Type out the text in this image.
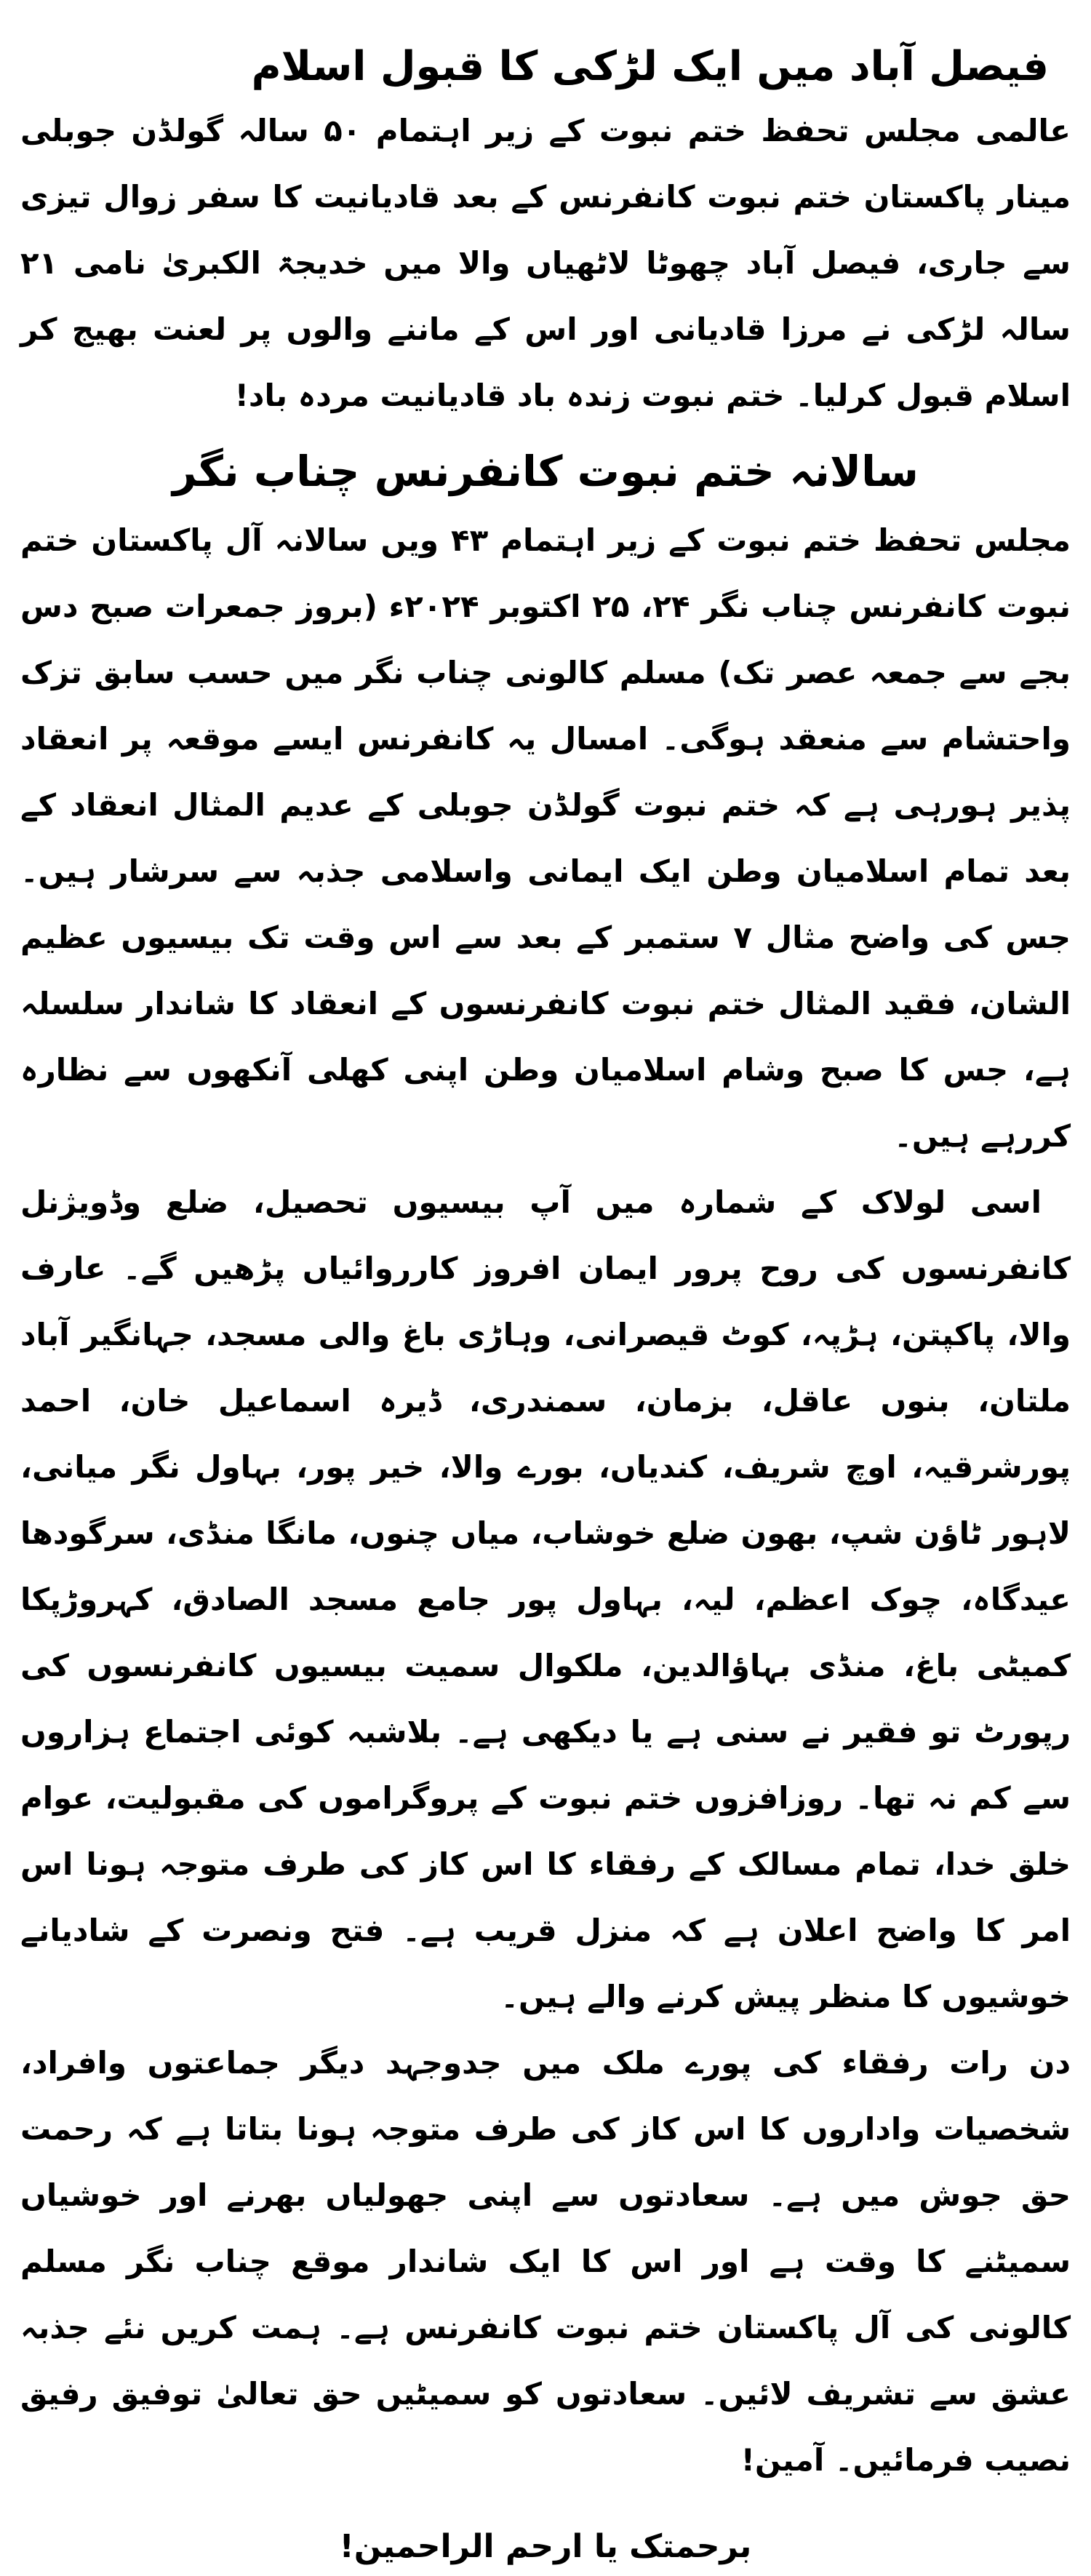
فیصل آباد میں ایک لڑکی کا قبول اسلام

عالمی مجلس تحفظ ختم نبوت کے زیر اہتمام ۵۰ سالہ گولڈن جوبلی مینار پاکستان ختم نبوت کانفرنس کے بعد قادیانیت کا سفر زوال تیزی سے جاری، فیصل آباد چھوٹا لاٹھیاں والا میں خدیجۃ الکبریٰ نامی ۲۱ سالہ لڑکی نے مرزا قادیانی اور اس کے ماننے والوں پر لعنت بھیج کر اسلام قبول کرلیا۔ ختم نبوت زندہ باد قادیانیت مردہ باد!

سالانہ ختم نبوت کانفرنس چناب نگر

مجلس تحفظ ختم نبوت کے زیر اہتمام ۴۳ ویں سالانہ آل پاکستان ختم نبوت کانفرنس چناب نگر ۲۴، ۲۵ اکتوبر ۲۰۲۴ء (بروز جمعرات صبح دس بجے سے جمعہ عصر تک) مسلم کالونی چناب نگر میں حسب سابق تزک واحتشام سے منعقد ہوگی۔ امسال یہ کانفرنس ایسے موقعہ پر انعقاد پذیر ہورہی ہے کہ ختم نبوت گولڈن جوبلی کے عدیم المثال انعقاد کے بعد تمام اسلامیان وطن ایک ایمانی واسلامی جذبہ سے سرشار ہیں۔ جس کی واضح مثال ۷ ستمبر کے بعد سے اس وقت تک بیسیوں عظیم الشان، فقید المثال ختم نبوت کانفرنسوں کے انعقاد کا شاندار سلسلہ ہے، جس کا صبح وشام اسلامیان وطن اپنی کھلی آنکھوں سے نظارہ کررہے ہیں۔

اسی لولاک کے شمارہ میں آپ بیسیوں تحصیل، ضلع وڈویژنل کانفرنسوں کی روح پرور ایمان افروز کارروائیاں پڑھیں گے۔ عارف والا، پاکپتن، ہڑپہ، کوٹ قیصرانی، وہاڑی باغ والی مسجد، جہانگیر آباد ملتان، بنوں عاقل، بزمان، سمندری، ڈیرہ اسماعیل خان، احمد پورشرقیہ، اوچ شریف، کندیاں، بورے والا، خیر پور، بہاول نگر میانی، لاہور ٹاؤن شپ، بھون ضلع خوشاب، میاں چنوں، مانگا منڈی، سرگودھا عیدگاہ، چوک اعظم، لیہ، بہاول پور جامع مسجد الصادق، کہروڑپکا کمیٹی باغ، منڈی بہاؤالدین، ملکوال سمیت بیسیوں کانفرنسوں کی رپورٹ تو فقیر نے سنی ہے یا دیکھی ہے۔ بلاشبہ کوئی اجتماع ہزاروں سے کم نہ تھا۔ روزافزوں ختم نبوت کے پروگراموں کی مقبولیت، عوام خلق خدا، تمام مسالک کے رفقاء کا اس کاز کی طرف متوجہ ہونا اس امر کا واضح اعلان ہے کہ منزل قریب ہے۔ فتح ونصرت کے شادیانے خوشیوں کا منظر پیش کرنے والے ہیں۔

دن رات رفقاء کی پورے ملک میں جدوجہد دیگر جماعتوں وافراد، شخصیات واداروں کا اس کاز کی طرف متوجہ ہونا بتاتا ہے کہ رحمت حق جوش میں ہے۔ سعادتوں سے اپنی جھولیاں بھرنے اور خوشیاں سمیٹنے کا وقت ہے اور اس کا ایک شاندار موقع چناب نگر مسلم کالونی کی آل پاکستان ختم نبوت کانفرنس ہے۔ ہمت کریں نئے جذبہ عشق سے تشریف لائیں۔ سعادتوں کو سمیٹیں حق تعالیٰ توفیق رفیق نصیب فرمائیں۔ آمین!

برحمتک یا ارحم الراحمین!
